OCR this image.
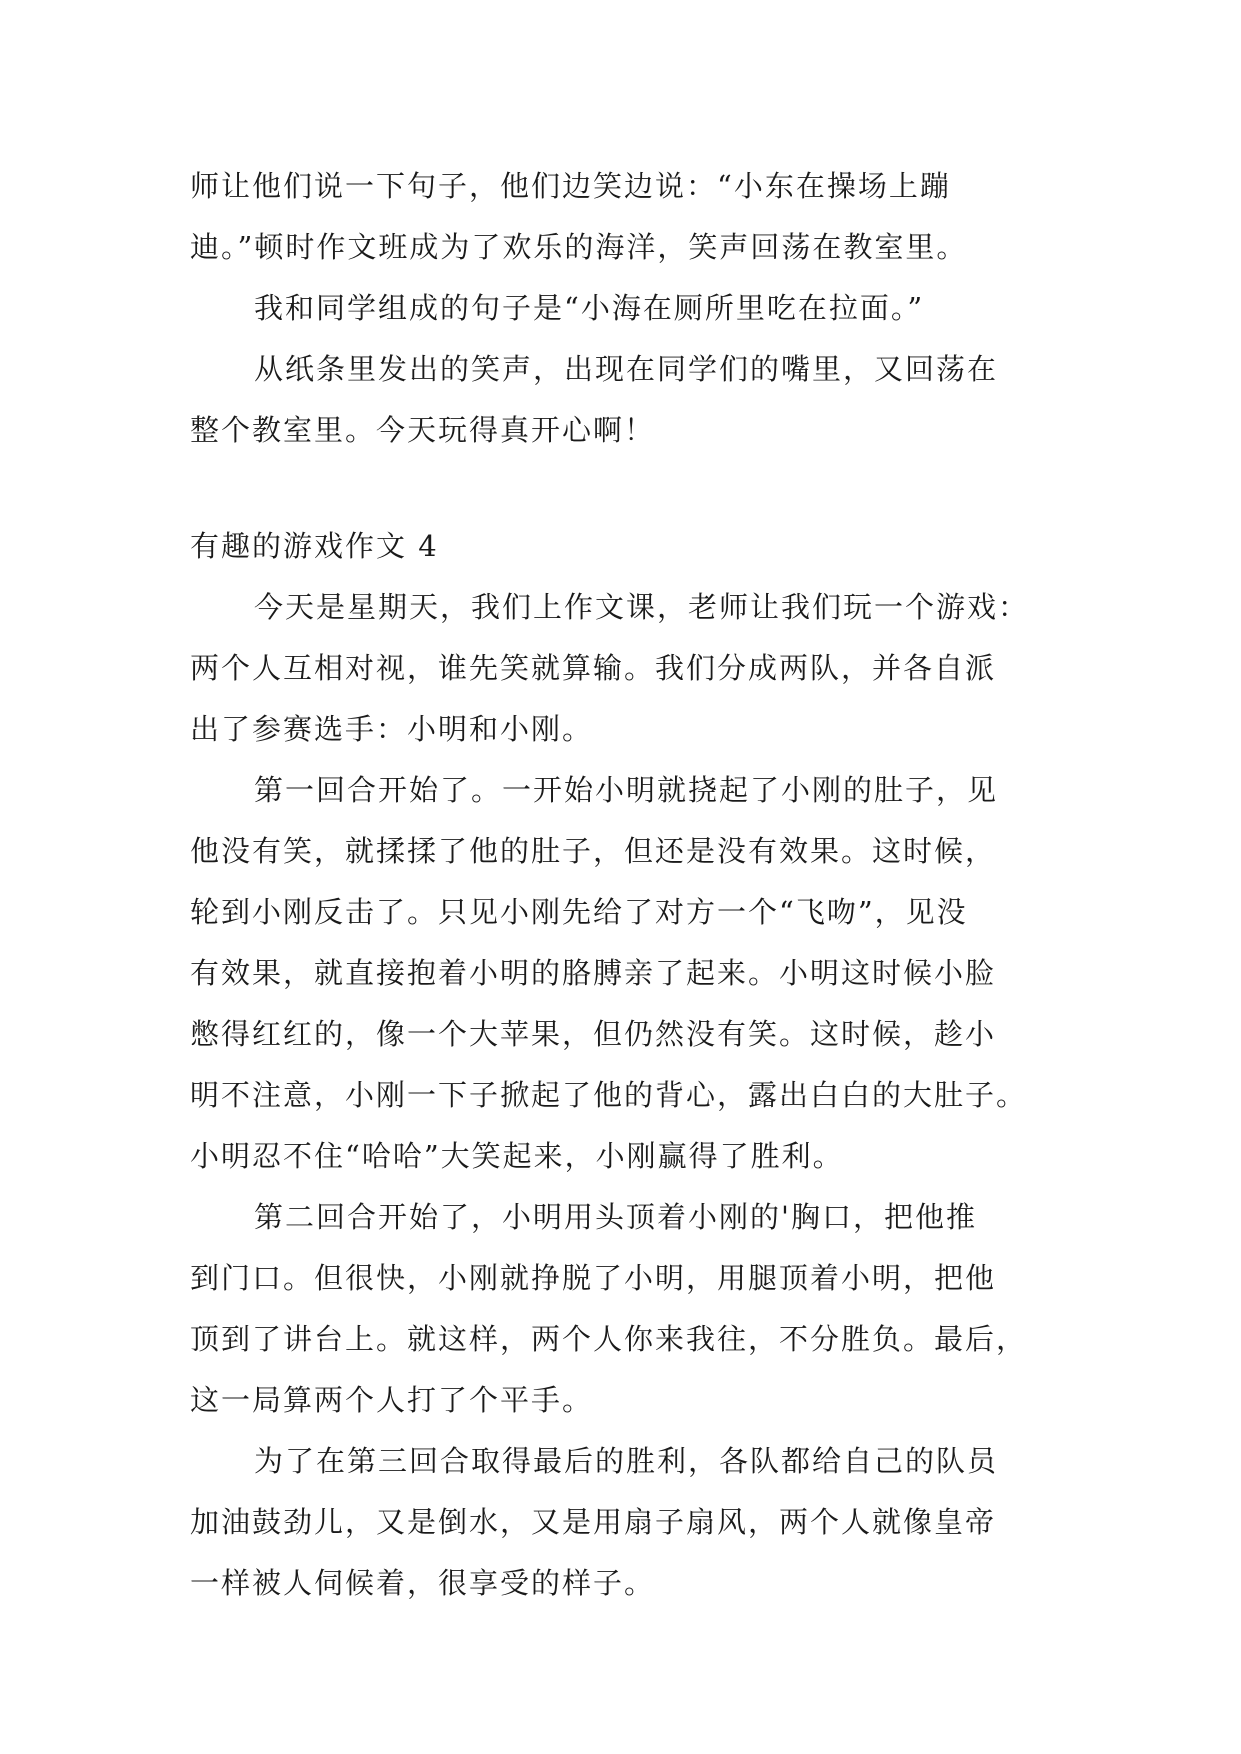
师让他们说一下句子，他们边笑边说：“小东在操场上蹦
迪。”顿时作文班成为了欢乐的海洋，笑声回荡在教室里。

我和同学组成的句子是“小海在厕所里吃在拉面。”

从纸条里发出的笑声，出现在同学们的嘴里，又回荡在
整个教室里。今天玩得真开心啊！

有趣的游戏作文 4

今天是星期天，我们上作文课，老师让我们玩一个游戏：
两个人互相对视，谁先笑就算输。我们分成两队，并各自派
出了参赛选手：小明和小刚。

第一回合开始了。一开始小明就挠起了小刚的肚子，见
他没有笑，就揉揉了他的肚子，但还是没有效果。这时候，
轮到小刚反击了。只见小刚先给了对方一个“飞吻”，见没
有效果，就直接抱着小明的胳膊亲了起来。小明这时候小脸
憋得红红的，像一个大苹果，但仍然没有笑。这时候，趁小
明不注意，小刚一下子掀起了他的背心，露出白白的大肚子。
小明忍不住“哈哈”大笑起来，小刚赢得了胜利。

第二回合开始了，小明用头顶着小刚的'胸口，把他推
到门口。但很快，小刚就挣脱了小明，用腿顶着小明，把他
顶到了讲台上。就这样，两个人你来我往，不分胜负。最后，
这一局算两个人打了个平手。

为了在第三回合取得最后的胜利，各队都给自己的队员
加油鼓劲儿，又是倒水，又是用扇子扇风，两个人就像皇帝
一样被人伺候着，很享受的样子。
